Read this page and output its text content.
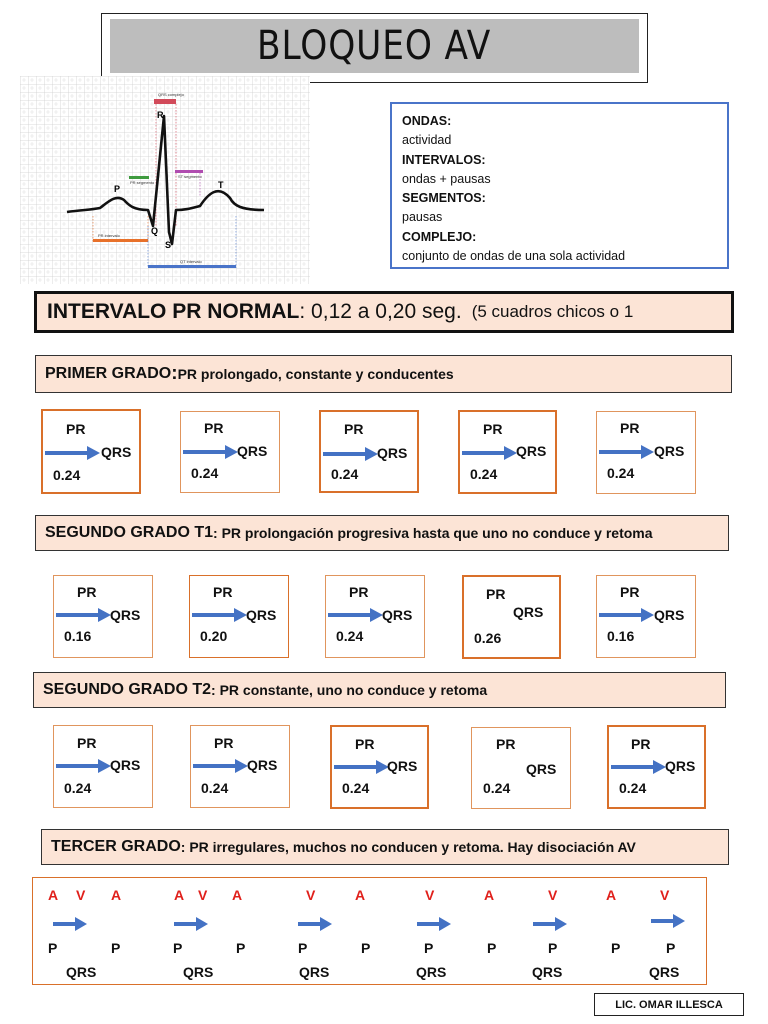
BLOQUEO AV
QRS complejo
PR segmento
ST segmento
PR intervalo
QT intervalo
R
P
Q
S
T
ONDAS:
actividad
INTERVALOS:
ondas + pausas
SEGMENTOS:
pausas
COMPLEJO:
conjunto de ondas de una sola actividad
INTERVALO PR NORMAL : 0,12 a 0,20 seg. (5 cuadros chicos o 1
PRIMER GRADO : PR prolongado, constante y conducentes
SEGUNDO GRADO T1 : PR prolongación progresiva hasta que uno no conduce y retoma
SEGUNDO GRADO T2 : PR constante, uno no conduce y retoma
TERCER GRADO : PR irregulares, muchos no conducen y retoma. Hay disociación AV
PR
QRS
0.24
PR
QRS
0.24
PR
QRS
0.24
PR
QRS
0.24
PR
QRS
0.24
PR
QRS
0.16
PR
QRS
0.20
PR
QRS
0.24
PR
QRS
0.26
PR
QRS
0.16
PR
QRS
0.24
PR
QRS
0.24
PR
QRS
0.24
PR
QRS
0.24
PR
QRS
0.24
A V A	A V A	V	A	V	A	V	A	V
P	P	P	P	P	P	P	P	P	P	P
QRS	QRS	QRS	QRS	QRS	QRS
LIC. OMAR ILLESCA
